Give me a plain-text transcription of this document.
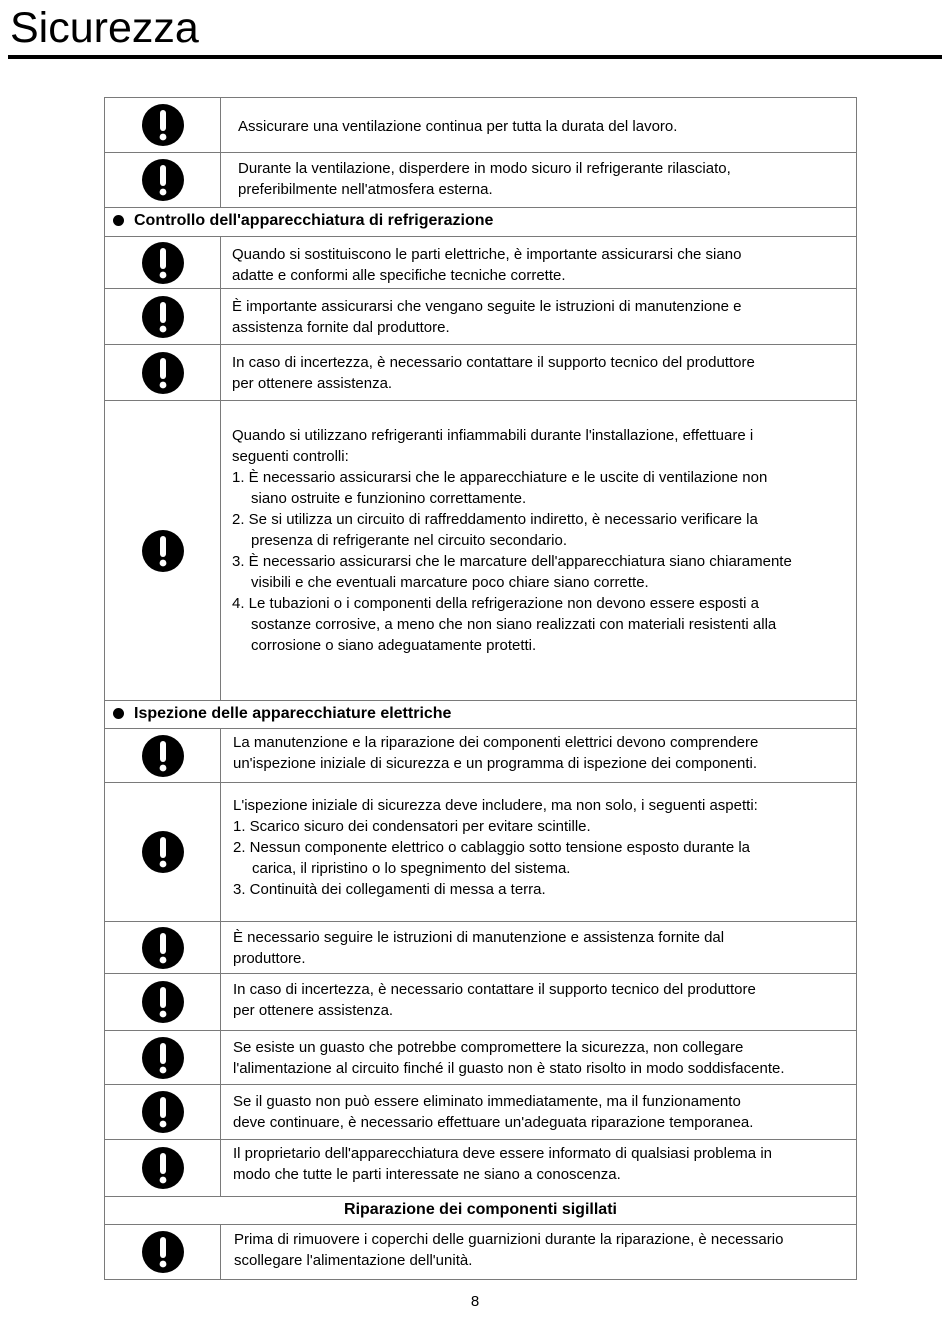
Sicurezza
Assicurare una ventilazione continua per tutta la durata del lavoro.
Durante la ventilazione, disperdere in modo sicuro il refrigerante rilasciato,
preferibilmente nell'atmosfera esterna.
Controllo dell'apparecchiatura di refrigerazione
Quando si sostituiscono le parti elettriche, è importante assicurarsi che siano
adatte e conformi alle specifiche tecniche corrette.
È importante assicurarsi che vengano seguite le istruzioni di manutenzione e
assistenza fornite dal produttore.
In caso di incertezza, è necessario contattare il supporto tecnico del produttore
per ottenere assistenza.
Quando si utilizzano refrigeranti infiammabili durante l'installazione, effettuare i
seguenti controlli:
1. È necessario assicurarsi che le apparecchiature e le uscite di ventilazione non
siano ostruite e funzionino correttamente.
2. Se si utilizza un circuito di raffreddamento indiretto, è necessario verificare la
presenza di refrigerante nel circuito secondario.
3. È necessario assicurarsi che le marcature dell'apparecchiatura siano chiaramente
visibili e che eventuali marcature poco chiare siano corrette.
4. Le tubazioni o i componenti della refrigerazione non devono essere esposti a
sostanze corrosive, a meno che non siano realizzati con materiali resistenti alla
corrosione o siano adeguatamente protetti.
Ispezione delle apparecchiature elettriche
La manutenzione e la riparazione dei componenti elettrici devono comprendere
un'ispezione iniziale di sicurezza e un programma di ispezione dei componenti.
L'ispezione iniziale di sicurezza deve includere, ma non solo, i seguenti aspetti:
1. Scarico sicuro dei condensatori per evitare scintille.
2. Nessun componente elettrico o cablaggio sotto tensione esposto durante la
carica, il ripristino o lo spegnimento del sistema.
3. Continuità dei collegamenti di messa a terra.
È necessario seguire le istruzioni di manutenzione e assistenza fornite dal
produttore.
In caso di incertezza, è necessario contattare il supporto tecnico del produttore
per ottenere assistenza.
Se esiste un guasto che potrebbe compromettere la sicurezza, non collegare
l'alimentazione al circuito finché il guasto non è stato risolto in modo soddisfacente.
Se il guasto non può essere eliminato immediatamente, ma il funzionamento
deve continuare, è necessario effettuare un'adeguata riparazione temporanea.
Il proprietario dell'apparecchiatura deve essere informato di qualsiasi problema in
modo che tutte le parti interessate ne siano a conoscenza.
Riparazione dei componenti sigillati
Prima di rimuovere i coperchi delle guarnizioni durante la riparazione, è necessario
scollegare l'alimentazione dell'unità.
8
